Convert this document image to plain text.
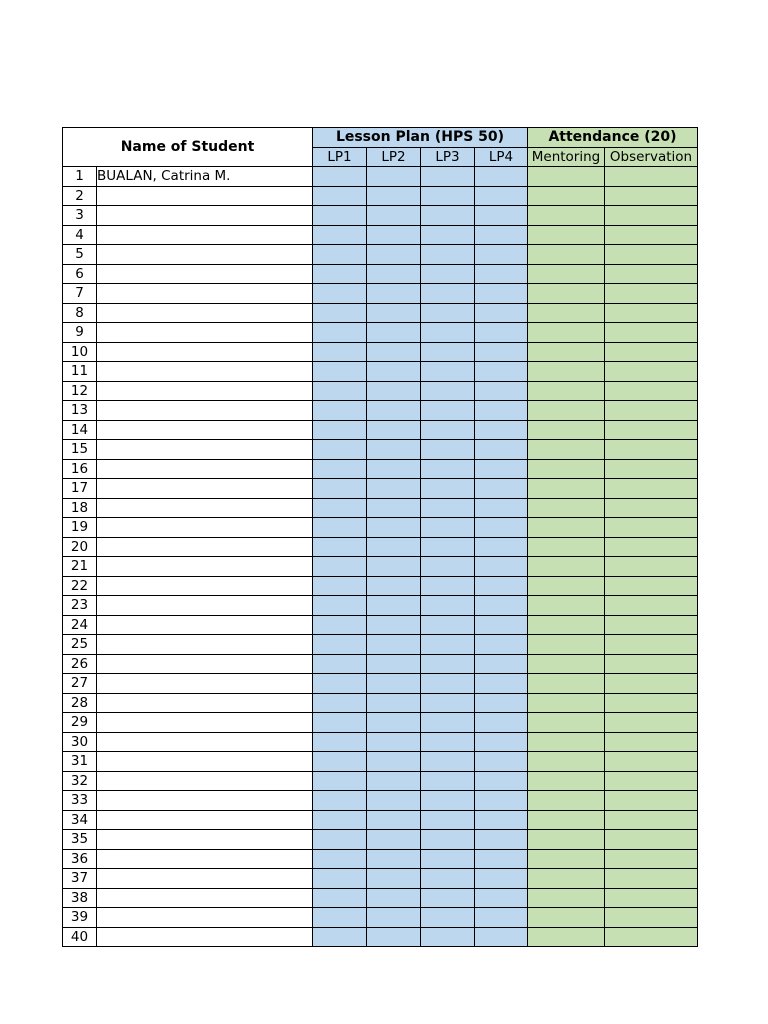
Name of Student		Lesson Plan (HPS 50)				Attendance (20)	
		LP1	LP2	LP3	LP4	Mentoring	Observation
1	BUALAN, Catrina M.						
2							
3							
4							
5							
6							
7							
8							
9							
10							
11							
12							
13							
14							
15							
16							
17							
18							
19							
20							
21							
22							
23							
24							
25							
26							
27							
28							
29							
30							
31							
32							
33							
34							
35							
36							
37							
38							
39							
40							
